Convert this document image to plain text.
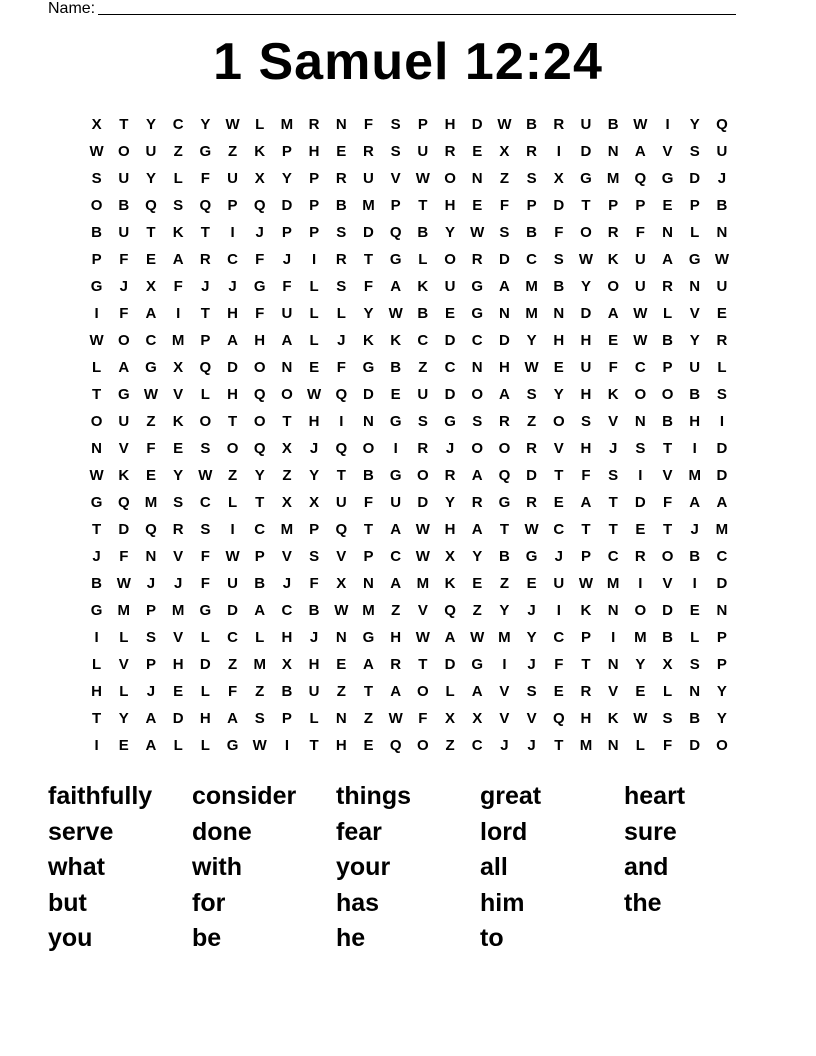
Name:
1 Samuel 12:24
X	T	Y	C	Y	W	L	M	R	N	F	S	P	H	D W B	R	U	B W	I	Y	Q
W O	U	Z	G	Z	K	P	H	E	R	S	U	R	E	X	R	I	D	N	A	V	S	U
S	U	Y	L	F	U	X	Y	P	R	U	V	W O	N	Z	S	X	G	M	Q	G	D	J
O	B	Q	S	Q	P	Q	D	P	B	M	P	T	H	E	F	P	D	T	P	P	E	P	B
B	U	T	K	T	I	J	P	P	S	D	Q	B	Y	W	S	B	F	O	R	F	N	L	N
P	F	E	A	R	C	F	J	I	R	T	G	L	O	R	D	C	S	W K	U	A	G W
G	J	X	F	J	J	G	F	L	S	F	A	K	U	G	A	M	B	Y	O	U	R	N	U
I	F	A	I	T	H	F	U	L	L	Y	W B	E	G	N	M	N	D	A W	L	V	E
W O	C	M	P	A	H	A	L	J	K	K	C	D	C	D	Y	H	H	E	W B	Y	R
L	A	G	X	Q	D	O	N	E	F	G	B	Z	C	N	H W	E	U	F	C	P	U	L
T	G W	V	L	H	Q	O W Q	D	E	U	D	O	A	S	Y	H	K	O	O	B	S
O	U	Z	K	O	T	O	T	H	I	N	G	S	G	S	R	Z	O	S	V	N	B	H	I
N	V	F	E	S	O	Q	X	J	Q	O	I	R	J	O	O	R	V	H	J	S	T	I	D
W K	E	Y	W	Z	Y	Z	Y	T	B	G	O	R	A	Q	D	T	F	S	I	V	M	D
G	Q	M	S	C	L	T	X	X	U	F	U	D	Y	R	G	R	E	A	T	D	F	A	A
T	D	Q	R	S	I	C	M	P	Q	T	A W H	A	T	W C	T	T	E	T	J	M
J	F	N	V	F	W	P	V	S	V	P	C W	X	Y	B	G	J	P	C	R	O	B	C
B W	J	J	F	U	B	J	F	X	N	A	M	K	E	Z	E	U W M	I	V	I	D
G	M	P	M	G	D	A	C	B W M	Z	V	Q	Z	Y	J	I	K	N	O	D	E	N
I	L	S	V	L	C	L	H	J	N	G	H W A W M	Y	C	P	I	M	B	L	P
L	V	P	H	D	Z	M	X	H	E	A	R	T	D	G	I	J	F	T	N	Y	X	S	P
H	L	J	E	L	F	Z	B	U	Z	T	A	O	L	A	V	S	E	R	V	E	L	N	Y
T	Y	A	D	H	A	S	P	L	N	Z	W	F	X	X	V	V	Q	H	K W	S	B	Y
I	E	A	L	L	G W	I	T	H	E	Q	O	Z	C	J	J	T	M	N	L	F	D	O
faithfully	consider	things	great	heart
serve	done	fear	lord	sure
what	with	your	all	and
but	for	has	him	the
you	be	he	to
